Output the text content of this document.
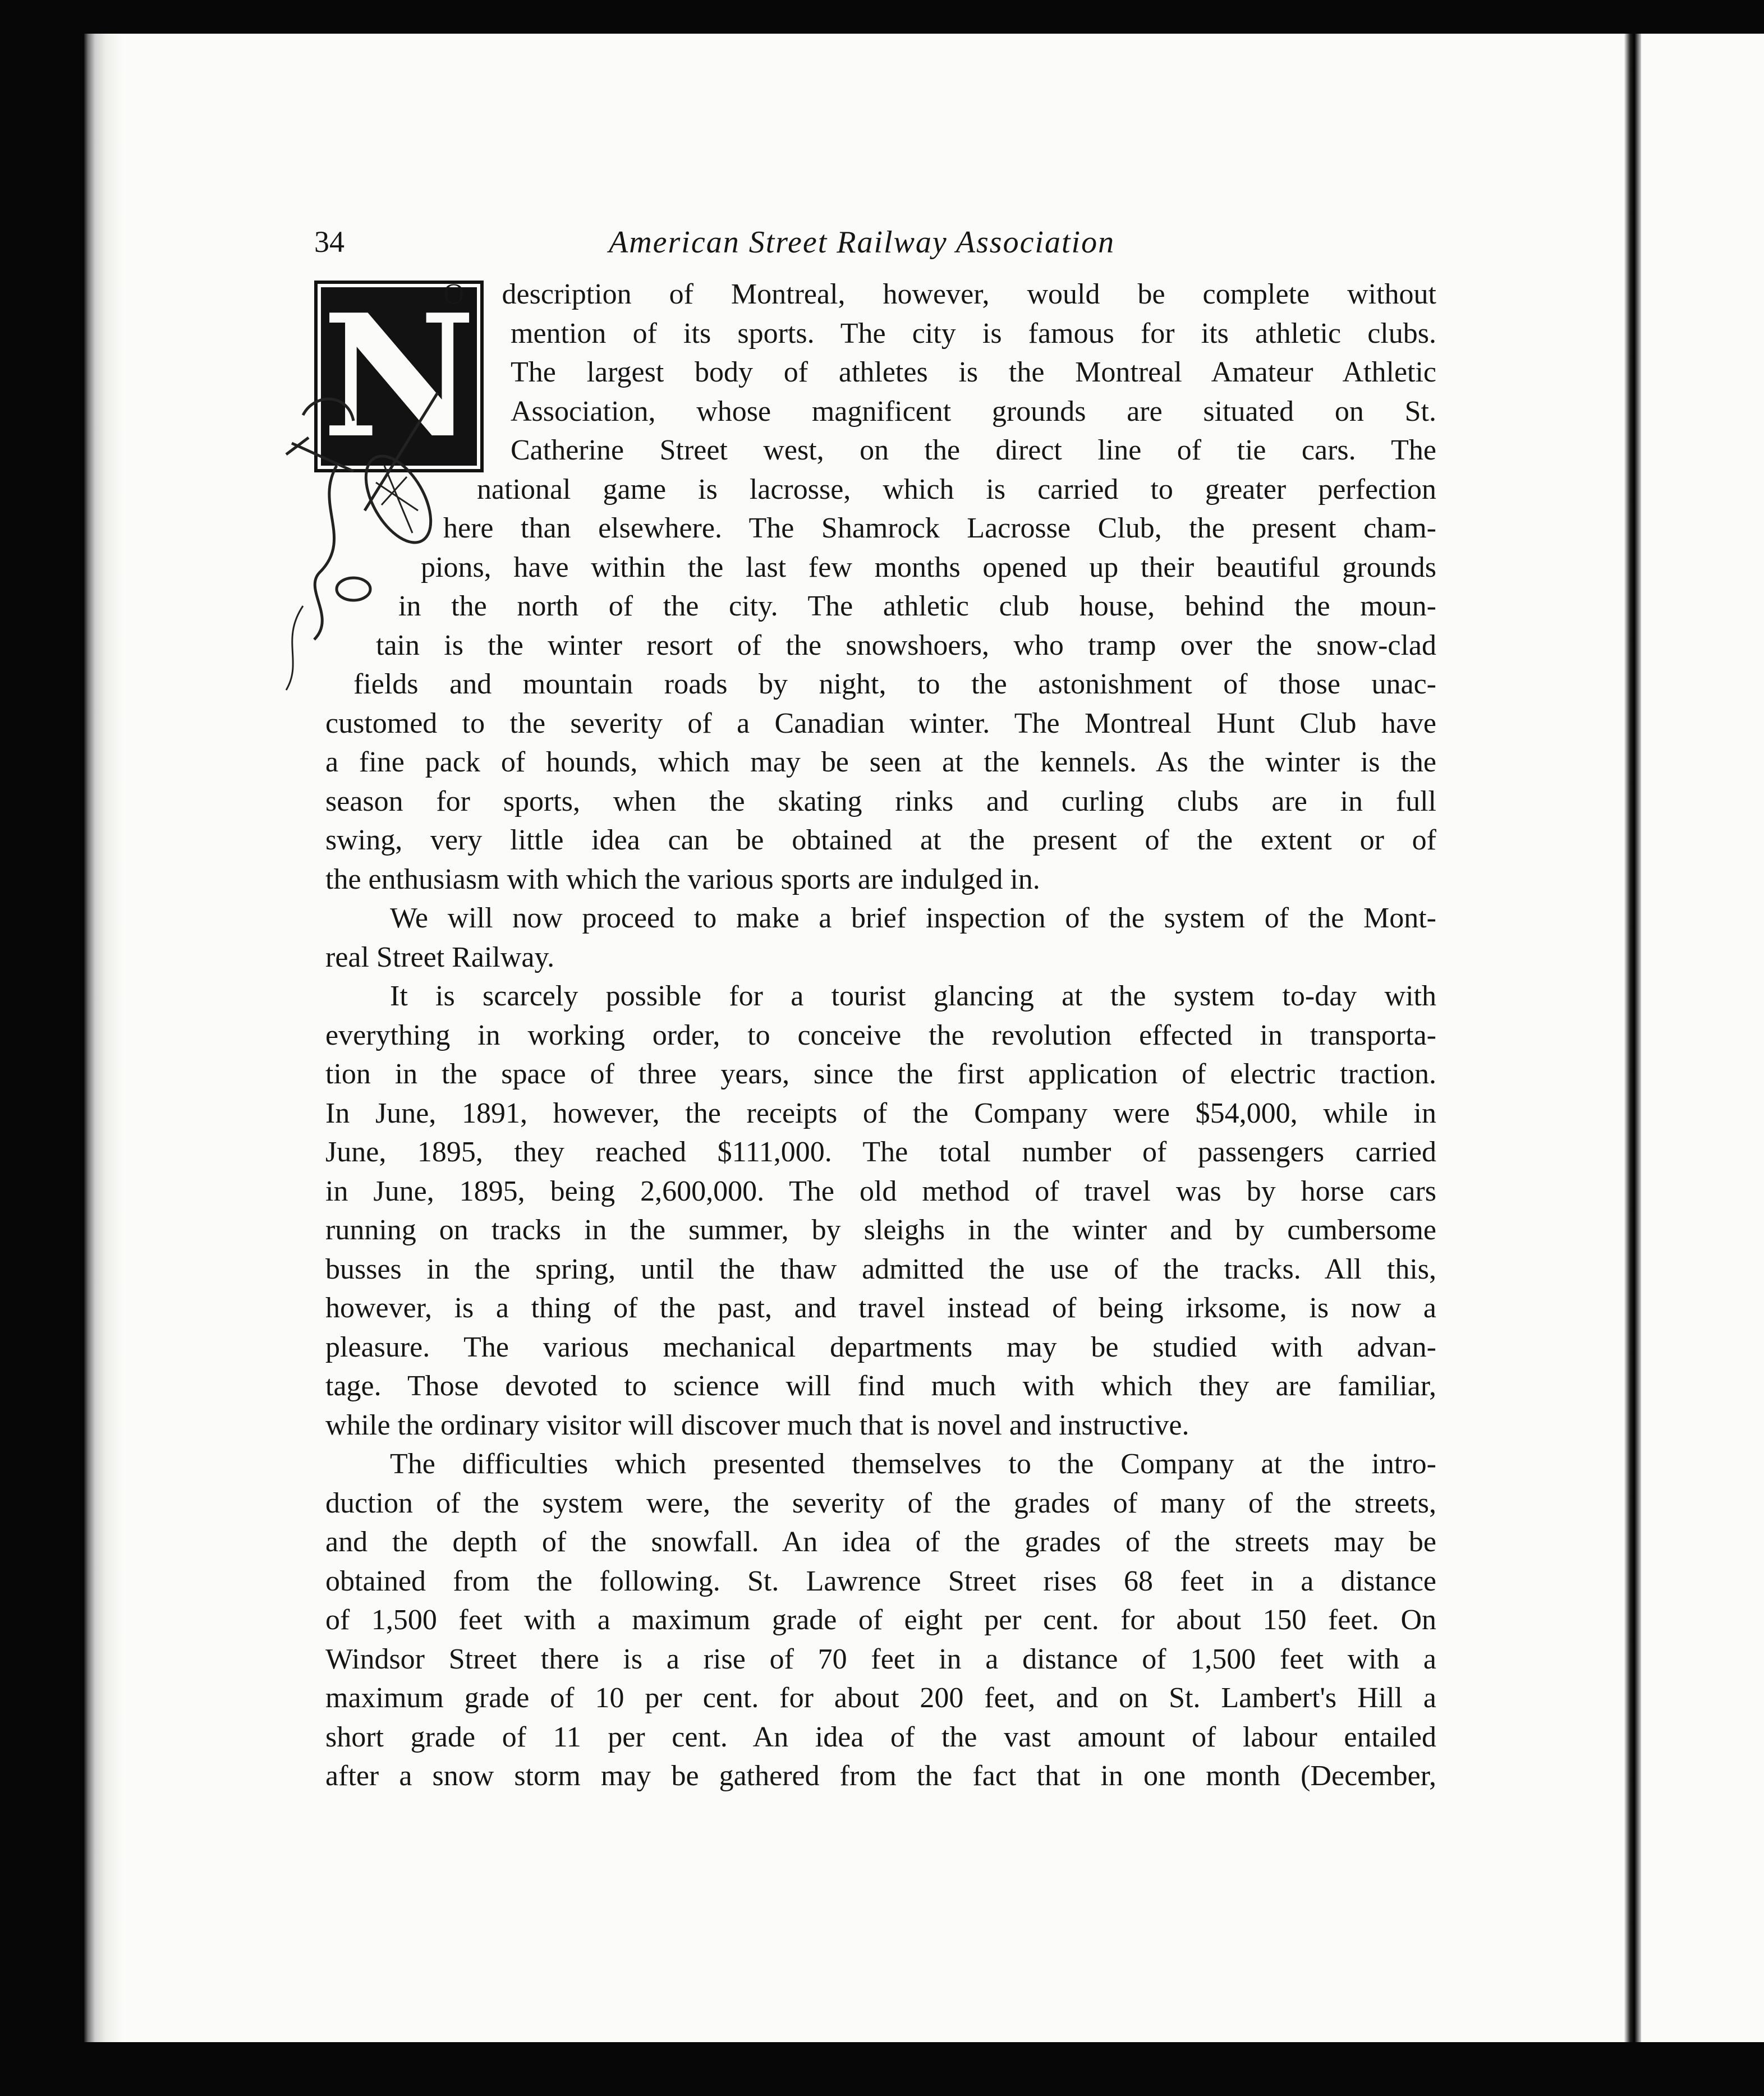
34	American Street Railway Association
N
O description of Montreal, however, would be complete without
mention of its sports. The city is famous for its athletic clubs.
The largest body of athletes is the Montreal Amateur Athletic
Association, whose magnificent grounds are situated on St.
Catherine Street west, on the direct line of tie cars. The
national game is lacrosse, which is carried to greater perfection
here than elsewhere. The Shamrock Lacrosse Club, the present cham-
pions, have within the last few months opened up their beautiful grounds
in the north of the city. The athletic club house, behind the moun-
tain is the winter resort of the snowshoers, who tramp over the snow-clad
fields and mountain roads by night, to the astonishment of those unac-
customed to the severity of a Canadian winter. The Montreal Hunt Club have
a fine pack of hounds, which may be seen at the kennels. As the winter is the
season for sports, when the skating rinks and curling clubs are in full
swing, very little idea can be obtained at the present of the extent or of
the enthusiasm with which the various sports are indulged in.
We will now proceed to make a brief inspection of the system of the Mont-
real Street Railway.
It is scarcely possible for a tourist glancing at the system to-day with
everything in working order, to conceive the revolution effected in transporta-
tion in the space of three years, since the first application of electric traction.
In June, 1891, however, the receipts of the Company were $54,000, while in
June, 1895, they reached $111,000. The total number of passengers carried
in June, 1895, being 2,600,000. The old method of travel was by horse cars
running on tracks in the summer, by sleighs in the winter and by cumbersome
busses in the spring, until the thaw admitted the use of the tracks. All this,
however, is a thing of the past, and travel instead of being irksome, is now a
pleasure. The various mechanical departments may be studied with advan-
tage. Those devoted to science will find much with which they are familiar,
while the ordinary visitor will discover much that is novel and instructive.
The difficulties which presented themselves to the Company at the intro-
duction of the system were, the severity of the grades of many of the streets,
and the depth of the snowfall. An idea of the grades of the streets may be
obtained from the following. St. Lawrence Street rises 68 feet in a distance
of 1,500 feet with a maximum grade of eight per cent. for about 150 feet. On
Windsor Street there is a rise of 70 feet in a distance of 1,500 feet with a
maximum grade of 10 per cent. for about 200 feet, and on St. Lambert's Hill a
short grade of 11 per cent. An idea of the vast amount of labour entailed
after a snow storm may be gathered from the fact that in one month (December,
